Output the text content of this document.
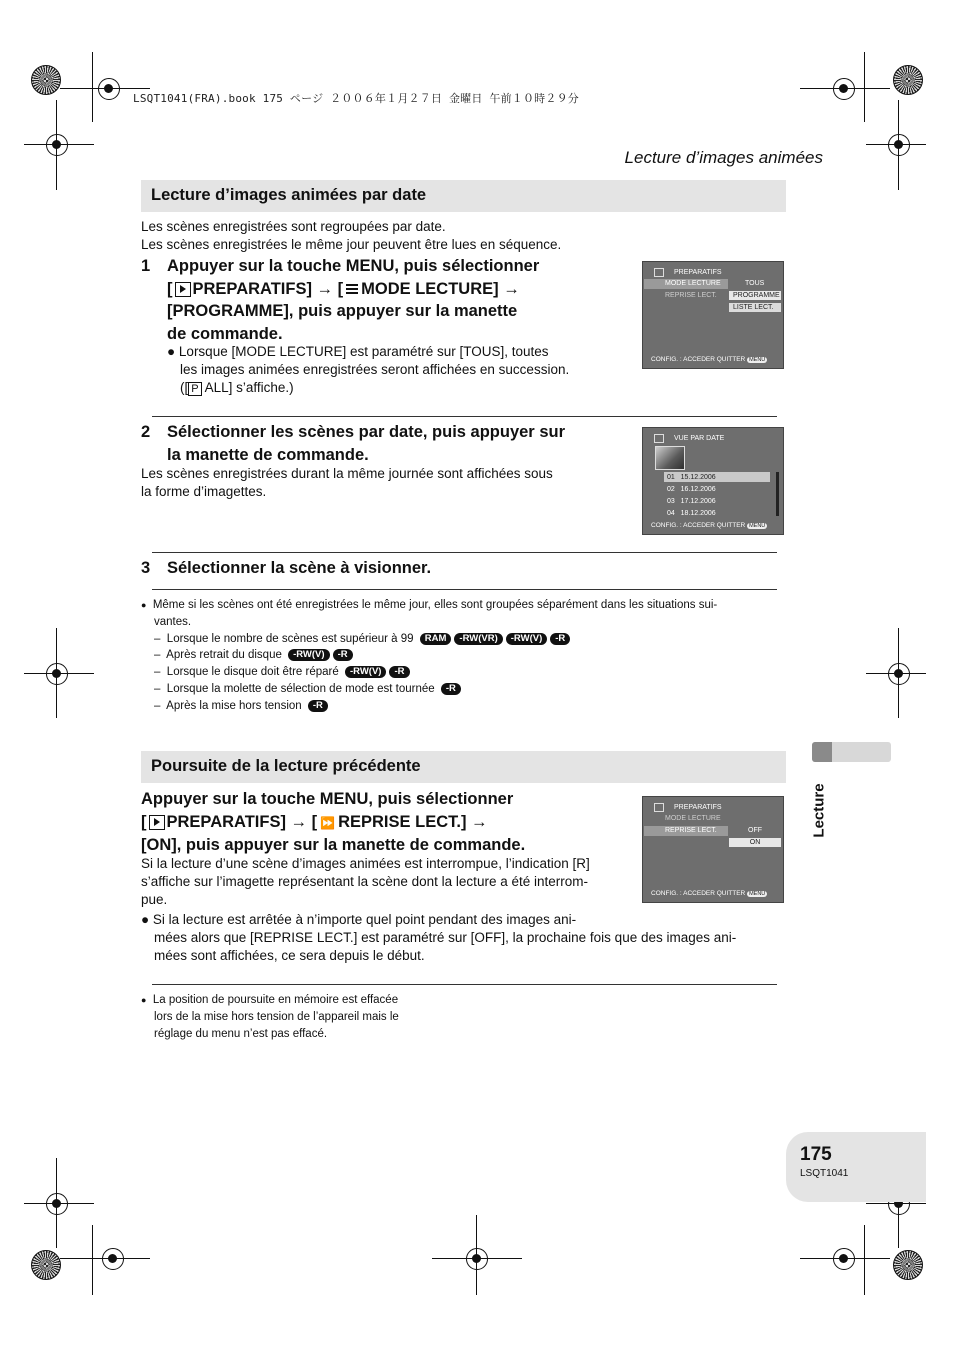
LSQT1041(FRA).book 175 ページ ２００６年１月２７日 金曜日 午前１０時２９分
Lecture d’images animées
Lecture d’images animées par date
Les scènes enregistrées sont regroupées par date.
Les scènes enregistrées le même jour peuvent être lues en séquence.
1 Appuyer sur la touche MENU, puis sélectionner
[ PREPARATIFS] → [ MODE LECTURE] →
[PROGRAMME], puis appuyer sur la manette
de commande.
● Lorsque [MODE LECTURE] est paramétré sur [TOUS], toutes
les images animées enregistrées seront affichées en succession.
([ P ALL] s’affiche.)
PREPARATIFS
MODE LECTURE
REPRISE LECT.
TOUS
PROGRAMME
LISTE LECT.
CONFIG. : ACCEDER QUITTER MENU
2 Sélectionner les scènes par date, puis appuyer sur
la manette de commande.
Les scènes enregistrées durant la même journée sont affichées sous
la forme d’imagettes.
VUE PAR DATE
01 15.12.2006
02 16.12.2006
03 17.12.2006
04 18.12.2006
CONFIG. : ACCEDER QUITTER MENU
3 Sélectionner la scène à visionner.
● Même si les scènes ont été enregistrées le même jour, elles sont groupées séparément dans les situations sui-
vantes.
– Lorsque le nombre de scènes est supérieur à 99 RAM -RW(VR) -RW(V) -R
– Après retrait du disque -RW(V) -R
– Lorsque le disque doit être réparé -RW(V) -R
– Lorsque la molette de sélection de mode est tournée -R
– Après la mise hors tension -R
Poursuite de la lecture précédente
Appuyer sur la touche MENU, puis sélectionner
[ PREPARATIFS] → [ ⏩ REPRISE LECT.] →
[ON], puis appuyer sur la manette de commande.
Si la lecture d’une scène d’images animées est interrompue, l’indication [R]
s’affiche sur l’imagette représentant la scène dont la lecture a été interrom-
pue.
● Si la lecture est arrêtée à n’importe quel point pendant des images ani-
mées alors que [REPRISE LECT.] est paramétré sur [OFF], la prochaine fois que des images ani-
mées sont affichées, ce sera depuis le début.
PREPARATIFS
MODE LECTURE
REPRISE LECT.	OFF
ON
CONFIG. : ACCEDER QUITTER MENU
● La position de poursuite en mémoire est effacée
lors de la mise hors tension de l’appareil mais le
réglage du menu n’est pas effacé.
Lecture
175
LSQT1041
